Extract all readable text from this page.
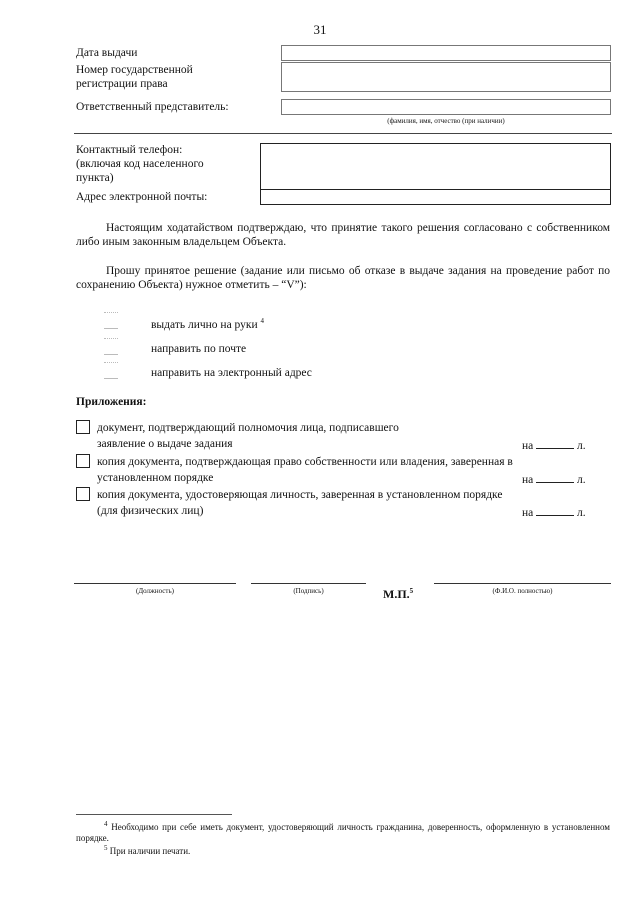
31
Дата выдачи
Номер государственной
регистрации права
Ответственный представитель:
(фамилия, имя, отчество (при наличии)
Контактный телефон:
(включая код населенного
пункта)
Адрес электронной почты:
Настоящим ходатайством подтверждаю, что принятие такого решения согласовано с собственником либо иным законным владельцем Объекта.
Прошу принятое решение (задание или письмо об отказе в выдаче задания на проведение работ по сохранению Объекта) нужное отметить – “V”):
выдать лично на руки $^4$
направить по почте
направить на электронный адрес
Приложения:
документ, подтверждающий полномочия лица, подписавшего
заявление о выдаче задания	на	л.
копия документа, подтверждающая право собственности или владения, заверенная в
установленном порядке	на	л.
копия документа, удостоверяющая личность, заверенная в установленном порядке
(для физических лиц)	на	л.
(Должность)	(Подпись)	М.П.$^5$	(Ф.И.О. полностью)
$^4$ Необходимо при себе иметь документ, удостоверяющий личность гражданина, доверенность, оформленную в установленном порядке.
$^5$ При наличии печати.
